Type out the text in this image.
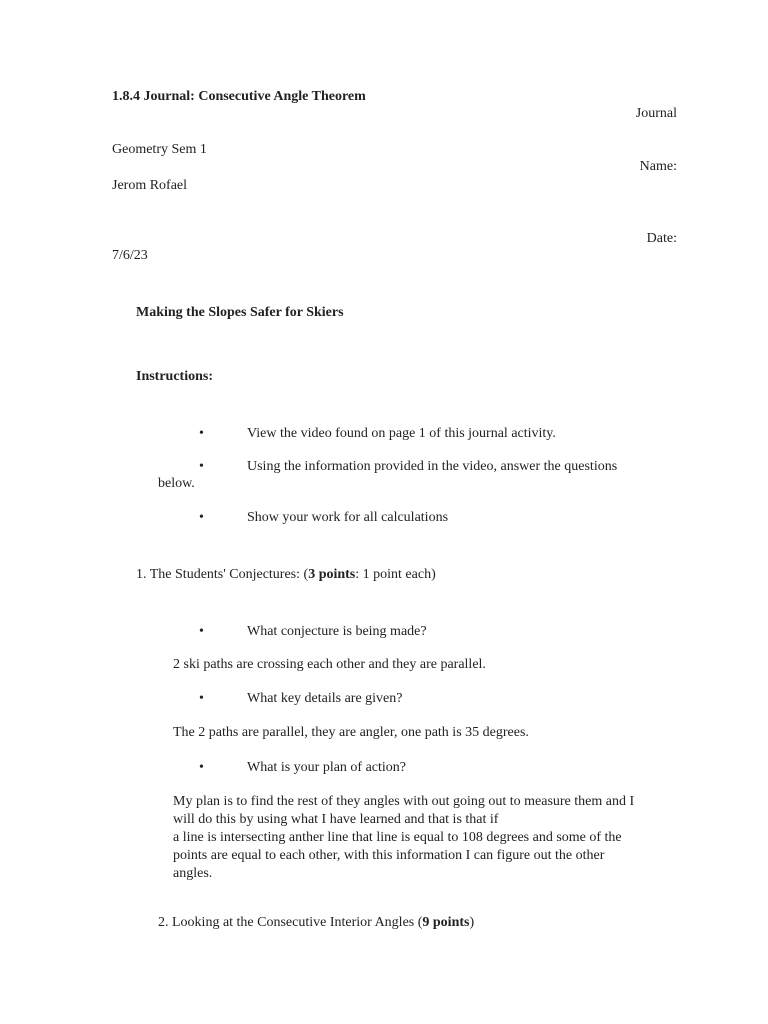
1.8.4 Journal: Consecutive Angle Theorem
Journal
Geometry Sem 1
Name:
Jerom Rofael
Date:
7/6/23
Making the Slopes Safer for Skiers
Instructions:
•	View the video found on page 1 of this journal activity.
•	Using the information provided in the video, answer the questions
below.
•	Show your work for all calculations
1. The Students' Conjectures: (3 points: 1 point each)
•	What conjecture is being made?
2 ski paths are crossing each other and they are parallel.
•	What key details are given?
The 2 paths are parallel, they are angler, one path is 35 degrees.
•	What is your plan of action?
My plan is to find the rest of they angles with out going out to measure them and I
will do this by using what I have learned and that is that if
a line is intersecting anther line that line is equal to 108 degrees and some of the
points are equal to each other, with this information I can figure out the other
angles.
2. Looking at the Consecutive Interior Angles (9 points)
